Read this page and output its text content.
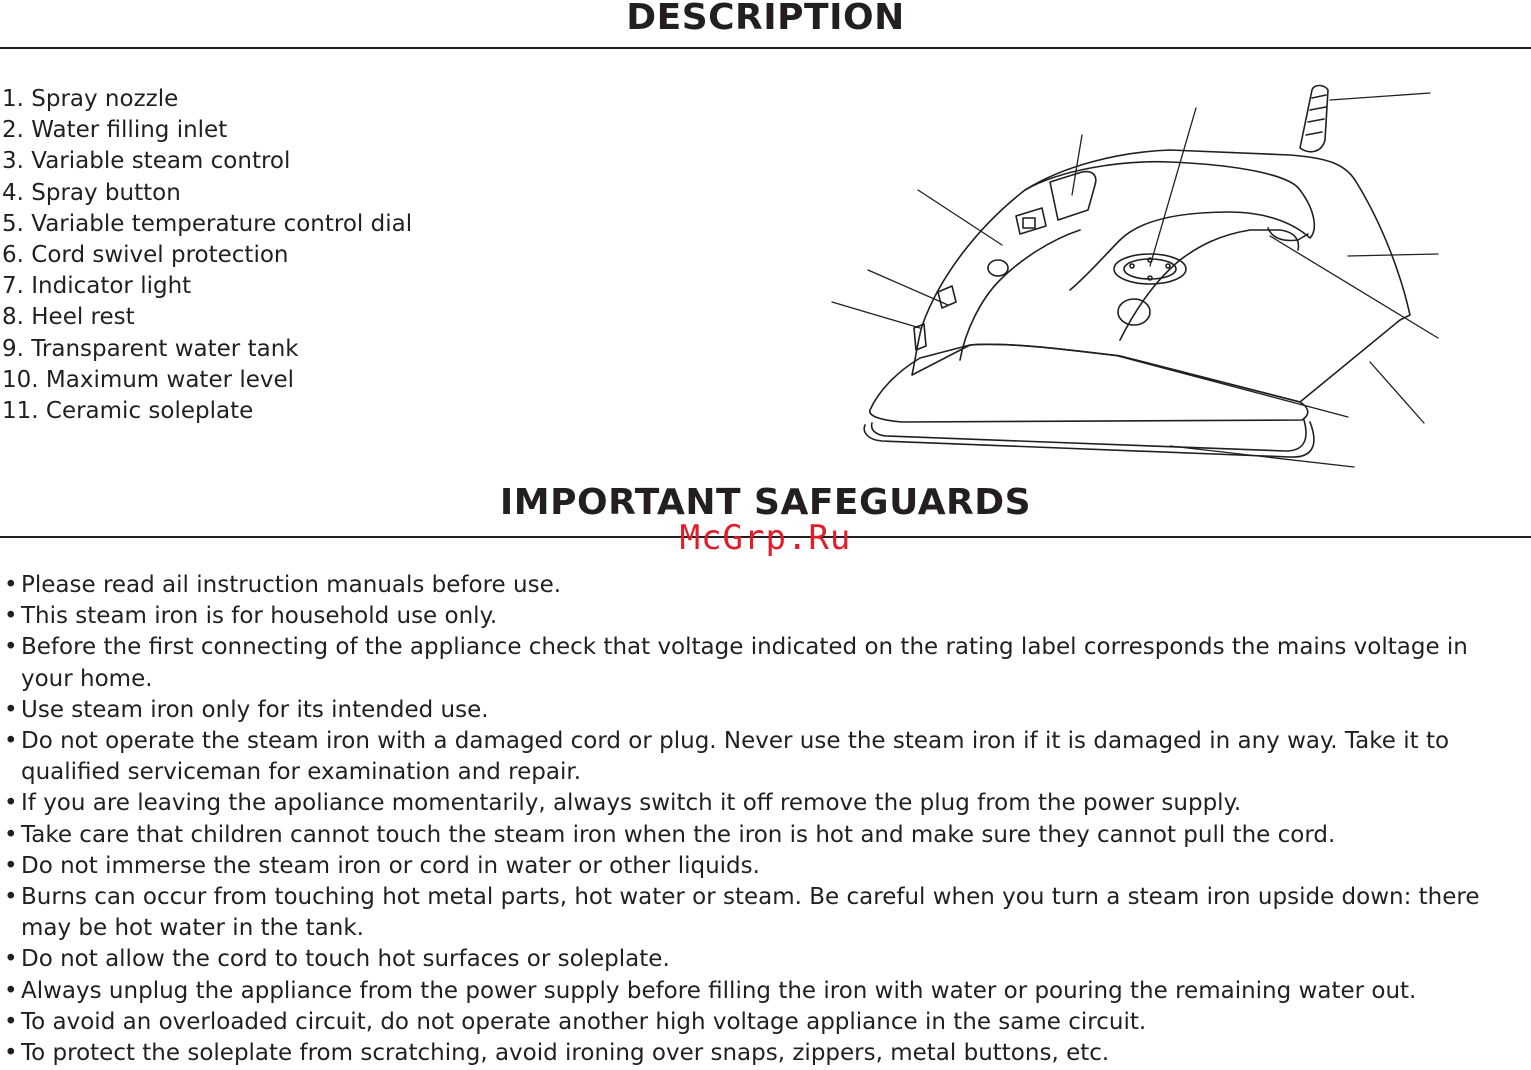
DESCRIPTION
1. Spray nozzle
2. Water filling inlet
3. Variable steam control
4. Spray button
5. Variable temperature control dial
6. Cord swivel protection
7. Indicator light
8. Heel rest
9. Transparent water tank
10. Maximum water level
11. Ceramic soleplate
IMPORTANT SAFEGUARDS
McGrp.Ru
• Please read ail instruction manuals before use.
• This steam iron is for household use only.
• Before the first connecting of the appliance check that voltage indicated on the rating label corresponds the mains voltage in your home.
• Use steam iron only for its intended use.
• Do not operate the steam iron with a damaged cord or plug. Never use the steam iron if it is damaged in any way. Take it to qualified serviceman for examination and repair.
• If you are leaving the apoliance momentarily, always switch it off remove the plug from the power supply.
• Take care that children cannot touch the steam iron when the iron is hot and make sure they cannot pull the cord.
• Do not immerse the steam iron or cord in water or other liquids.
• Burns can occur from touching hot metal parts, hot water or steam. Be careful when you turn a steam iron upside down: there may be hot water in the tank.
• Do not allow the cord to touch hot surfaces or soleplate.
• Always unplug the appliance from the power supply before filling the iron with water or pouring the remaining water out.
• To avoid an overloaded circuit, do not operate another high voltage appliance in the same circuit.
• To protect the soleplate from scratching, avoid ironing over snaps, zippers, metal buttons, etc.
